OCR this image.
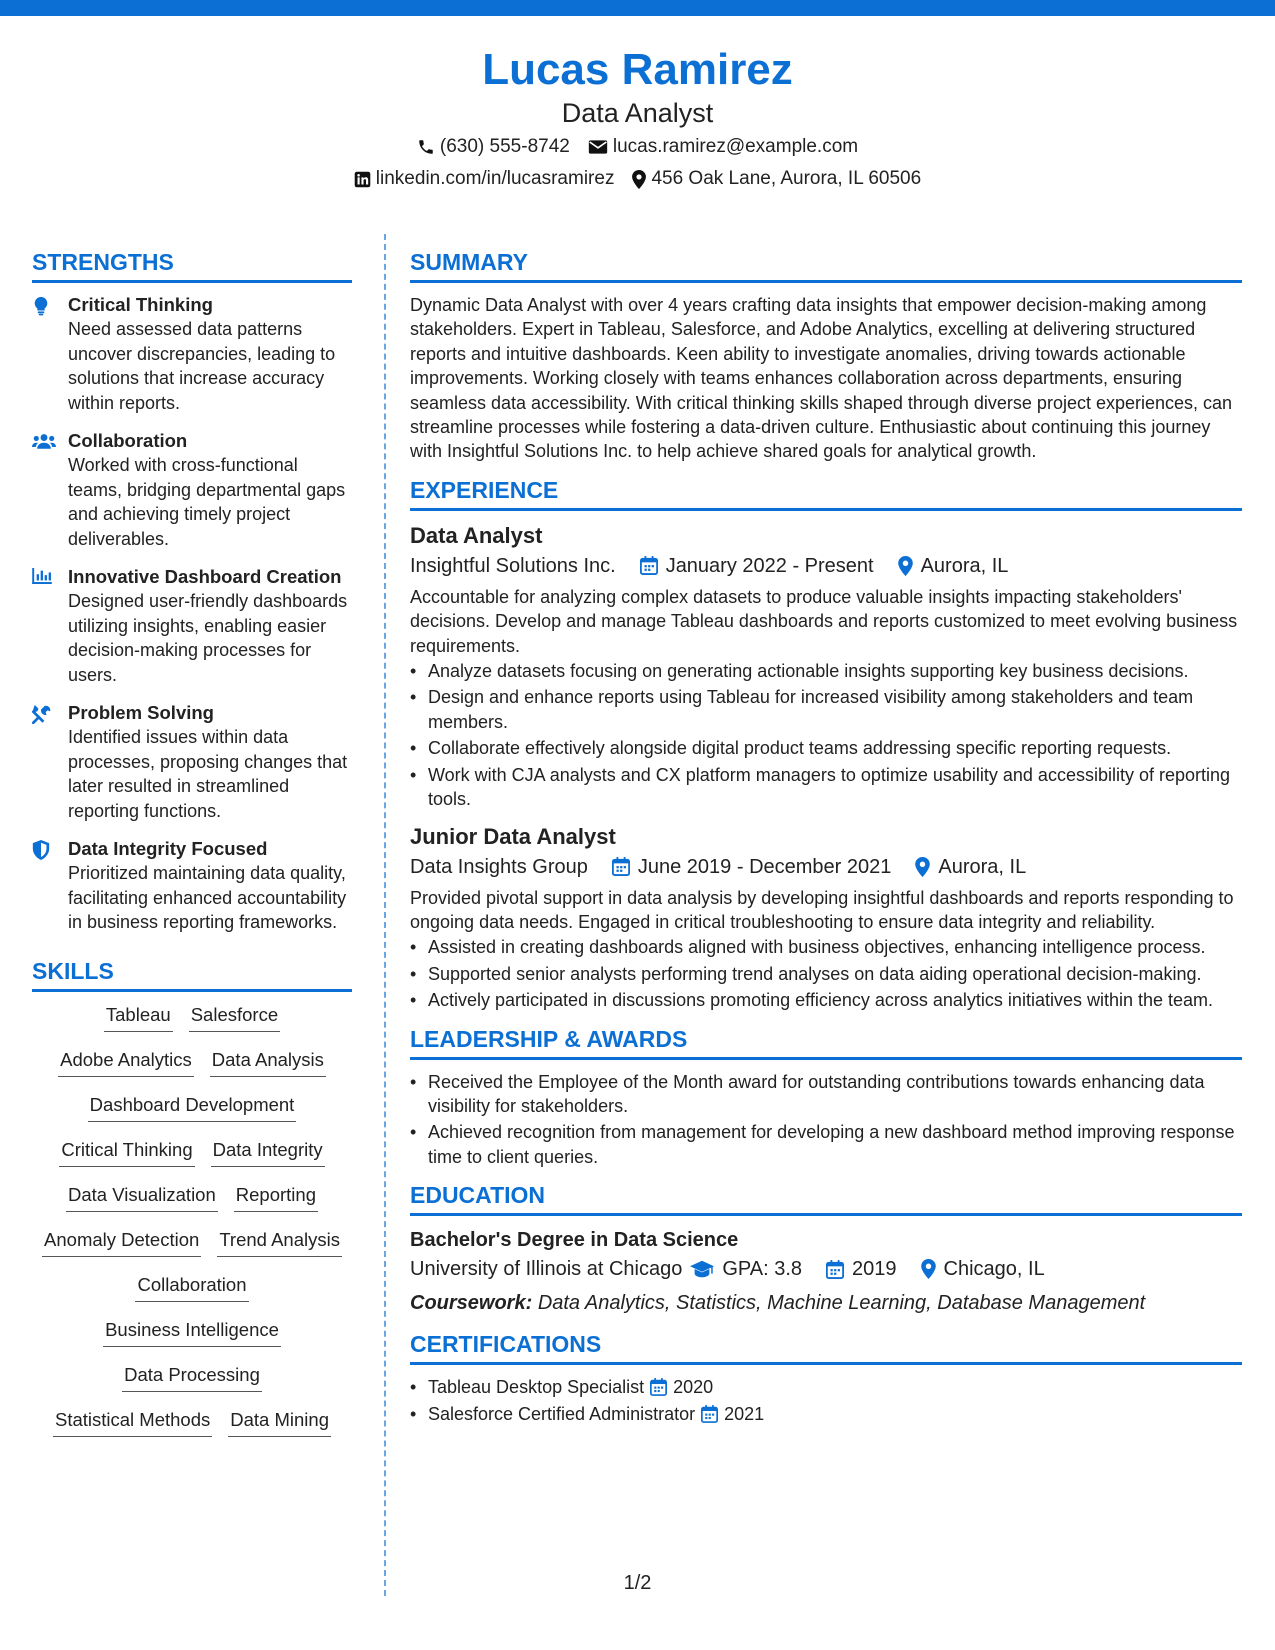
Lucas Ramirez
Data Analyst
(630) 555-8742 lucas.ramirez@example.com
linkedin.com/in/lucasramirez 456 Oak Lane, Aurora, IL 60506
STRENGTHS
Critical Thinking
Need assessed data patterns uncover discrepancies, leading to solutions that increase accuracy within reports.
Collaboration
Worked with cross-functional teams, bridging departmental gaps and achieving timely project deliverables.
Innovative Dashboard Creation
Designed user-friendly dashboards utilizing insights, enabling easier decision-making processes for users.
Problem Solving
Identified issues within data processes, proposing changes that later resulted in streamlined reporting functions.
Data Integrity Focused
Prioritized maintaining data quality, facilitating enhanced accountability in business reporting frameworks.
SKILLS
Tableau Salesforce
Adobe Analytics Data Analysis
Dashboard Development
Critical Thinking Data Integrity
Data Visualization Reporting
Anomaly Detection Trend Analysis
Collaboration
Business Intelligence
Data Processing
Statistical Methods Data Mining
SUMMARY
Dynamic Data Analyst with over 4 years crafting data insights that empower decision-making among stakeholders. Expert in Tableau, Salesforce, and Adobe Analytics, excelling at delivering structured reports and intuitive dashboards. Keen ability to investigate anomalies, driving towards actionable improvements. Working closely with teams enhances collaboration across departments, ensuring seamless data accessibility. With critical thinking skills shaped through diverse project experiences, can streamline processes while fostering a data-driven culture. Enthusiastic about continuing this journey with Insightful Solutions Inc. to help achieve shared goals for analytical growth.
EXPERIENCE
Data Analyst
Insightful Solutions Inc.	January 2022 - Present Aurora, IL
Accountable for analyzing complex datasets to produce valuable insights impacting stakeholders' decisions. Develop and manage Tableau dashboards and reports customized to meet evolving business requirements.
• Analyze datasets focusing on generating actionable insights supporting key business decisions.
• Design and enhance reports using Tableau for increased visibility among stakeholders and team members.
• Collaborate effectively alongside digital product teams addressing specific reporting requests.
• Work with CJA analysts and CX platform managers to optimize usability and accessibility of reporting tools.
Junior Data Analyst
Data Insights Group	June 2019 - December 2021 Aurora, IL
Provided pivotal support in data analysis by developing insightful dashboards and reports responding to ongoing data needs. Engaged in critical troubleshooting to ensure data integrity and reliability.
• Assisted in creating dashboards aligned with business objectives, enhancing intelligence process.
• Supported senior analysts performing trend analyses on data aiding operational decision-making.
• Actively participated in discussions promoting efficiency across analytics initiatives within the team.
LEADERSHIP & AWARDS
• Received the Employee of the Month award for outstanding contributions towards enhancing data visibility for stakeholders.
• Achieved recognition from management for developing a new dashboard method improving response time to client queries.
EDUCATION
Bachelor's Degree in Data Science
University of Illinois at Chicago GPA: 3.8	2019 Chicago, IL
Coursework: Data Analytics, Statistics, Machine Learning, Database Management
CERTIFICATIONS
• Tableau Desktop Specialist 2020
• Salesforce Certified Administrator 2021
1/2
